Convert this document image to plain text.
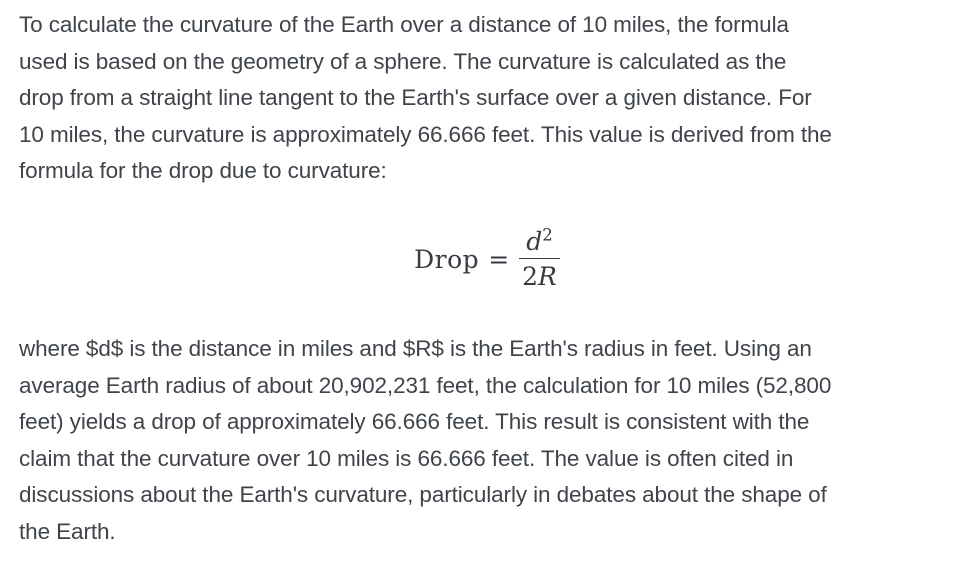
To calculate the curvature of the Earth over a distance of 10 miles, the formula
used is based on the geometry of a sphere. The curvature is calculated as the
drop from a straight line tangent to the Earth's surface over a given distance. For
10 miles, the curvature is approximately 66.666 feet. This value is derived from the
formula for the drop due to curvature:
Drop = $\frac{d^2}{2R}$
where $d$ is the distance in miles and $R$ is the Earth's radius in feet. Using an
average Earth radius of about 20,902,231 feet, the calculation for 10 miles (52,800
feet) yields a drop of approximately 66.666 feet. This result is consistent with the
claim that the curvature over 10 miles is 66.666 feet. The value is often cited in
discussions about the Earth's curvature, particularly in debates about the shape of
the Earth.
